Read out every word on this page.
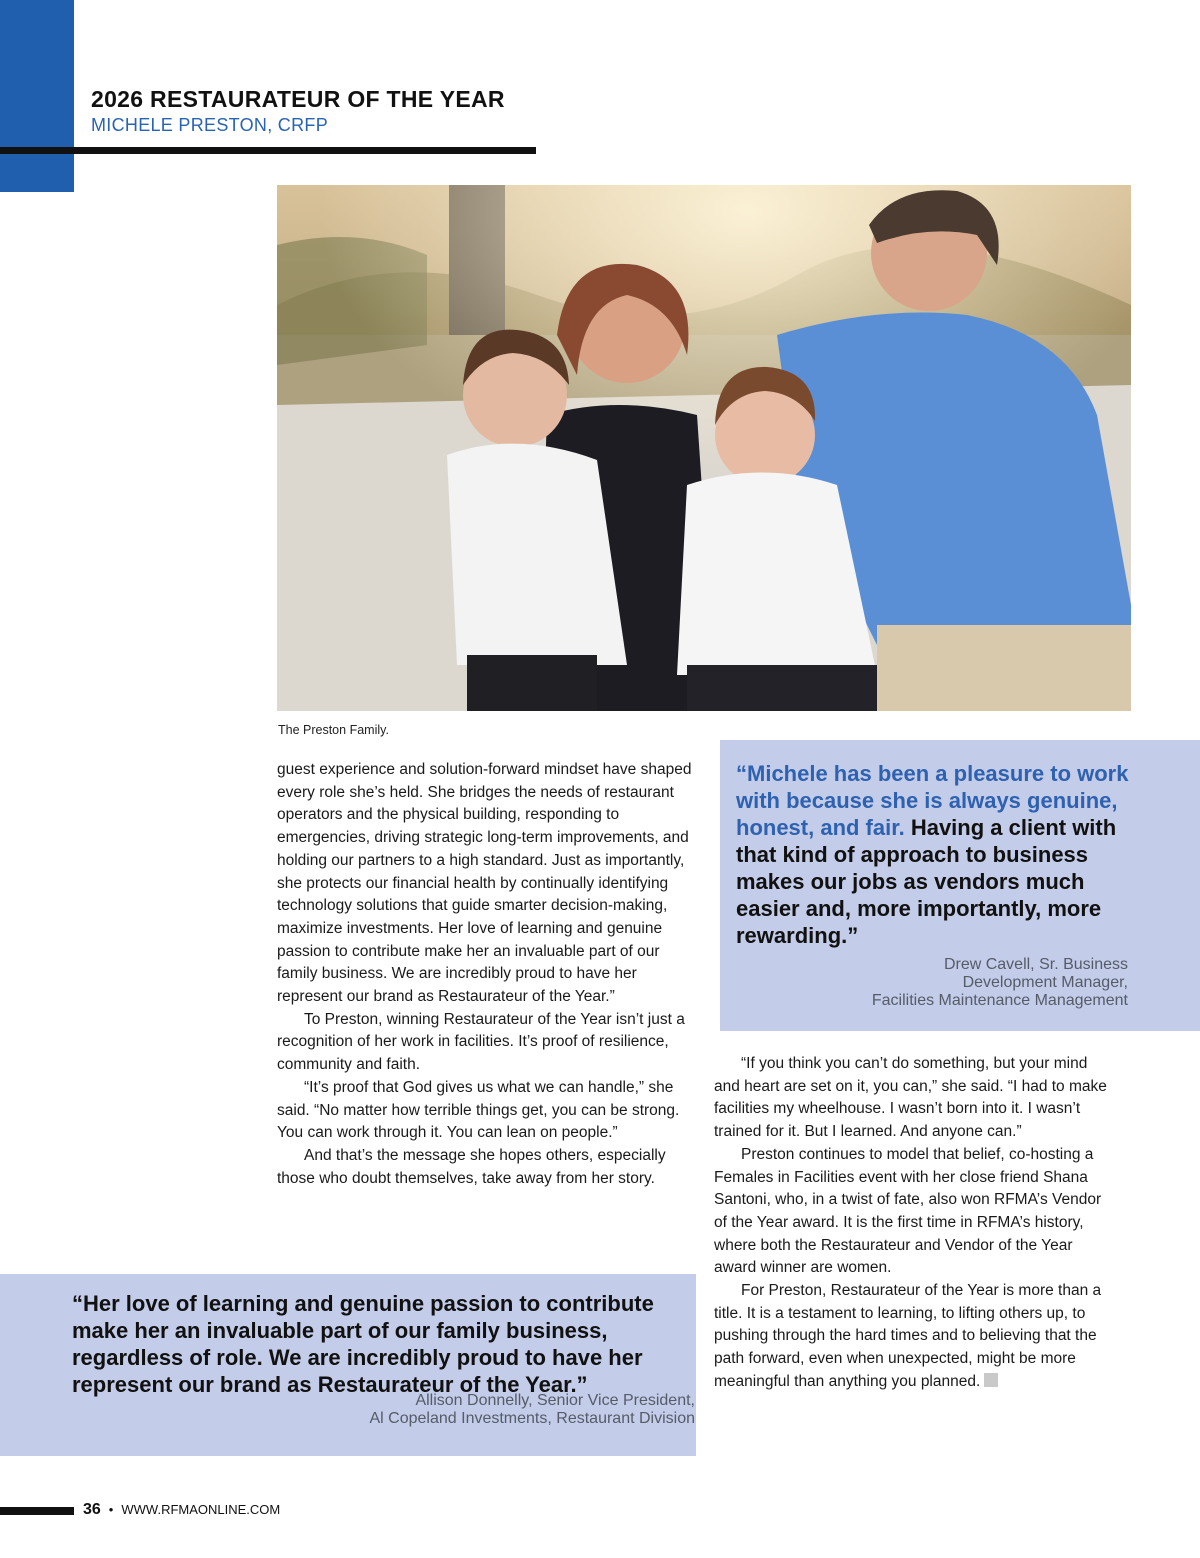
2026 RESTAURATEUR OF THE YEAR
MICHELE PRESTON, CRFP
The Preston Family.

guest experience and solution-forward mindset have shaped every role she’s held. She bridges the needs of restaurant operators and the physical building, responding to emergencies, driving strategic long-term improvements, and holding our partners to a high standard. Just as importantly, she protects our financial health by continually identifying technology solutions that guide smarter decision-making, maximize investments. Her love of learning and genuine passion to contribute make her an invaluable part of our family business. We are incredibly proud to have her represent our brand as Restaurateur of the Year.”

To Preston, winning Restaurateur of the Year isn’t just a recognition of her work in facilities. It’s proof of resilience, community and faith.

“It’s proof that God gives us what we can handle,” she said. “No matter how terrible things get, you can be strong. You can work through it. You can lean on people.”

And that’s the message she hopes others, especially those who doubt themselves, take away from her story.

“Michele has been a pleasure to work with because she is always genuine, honest, and fair. Having a client with that kind of approach to business makes our jobs as vendors much easier and, more importantly, more rewarding.”
Drew Cavell, Sr. Business
Development Manager,
Facilities Maintenance Management

“If you think you can’t do something, but your mind and heart are set on it, you can,” she said. “I had to make facilities my wheelhouse. I wasn’t born into it. I wasn’t trained for it. But I learned. And anyone can.”

Preston continues to model that belief, co-hosting a Females in Facilities event with her close friend Shana Santoni, who, in a twist of fate, also won RFMA’s Vendor of the Year award. It is the first time in RFMA’s history, where both the Restaurateur and Vendor of the Year award winner are women.

For Preston, Restaurateur of the Year is more than a title. It is a testament to learning, to lifting others up, to pushing through the hard times and to believing that the path forward, even when unexpected, might be more meaningful than anything you planned.

“Her love of learning and genuine passion to contribute make her an invaluable part of our family business, regardless of role. We are incredibly proud to have her represent our brand as Restaurateur of the Year.”
Allison Donnelly, Senior Vice President,
Al Copeland Investments, Restaurant Division
36 • WWW.RFMAONLINE.COM
